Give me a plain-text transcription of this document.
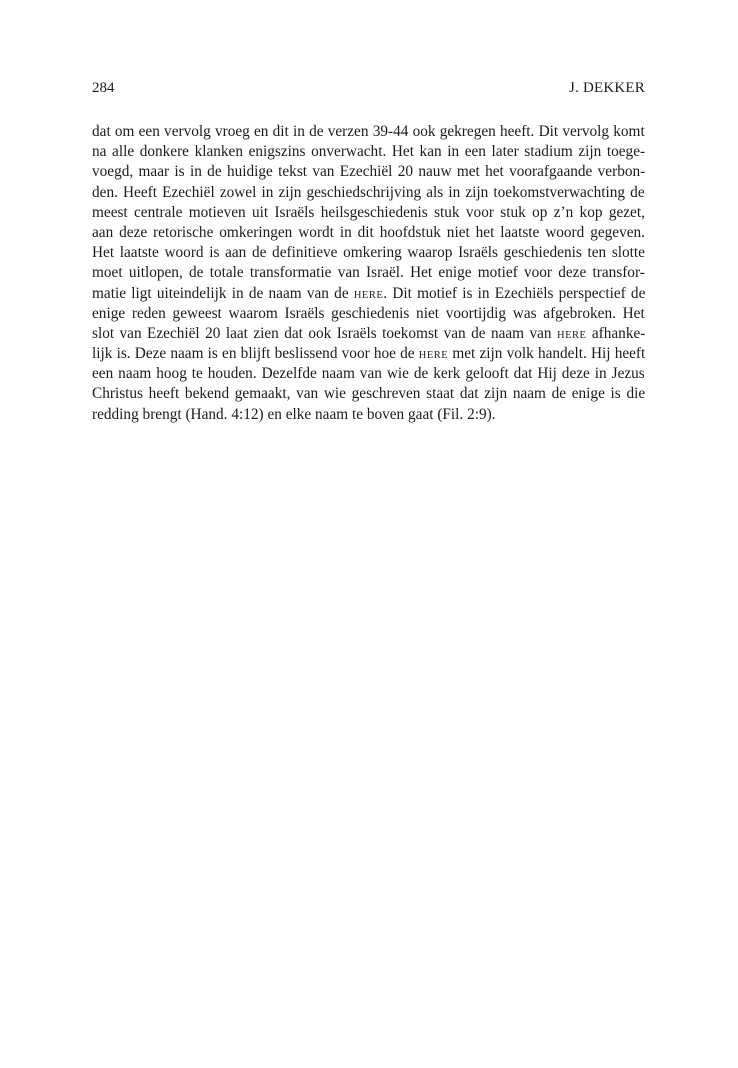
284	J. DEKKER
dat om een vervolg vroeg en dit in de verzen 39-44 ook gekregen heeft. Dit vervolg komt
na alle donkere klanken enigszins onverwacht. Het kan in een later stadium zijn toege-
voegd, maar is in de huidige tekst van Ezechiël 20 nauw met het voorafgaande verbon-
den. Heeft Ezechiël zowel in zijn geschiedschrijving als in zijn toekomstverwachting de
meest centrale motieven uit Israëls heilsgeschiedenis stuk voor stuk op z’n kop gezet,
aan deze retorische omkeringen wordt in dit hoofdstuk niet het laatste woord gegeven.
Het laatste woord is aan de definitieve omkering waarop Israëls geschiedenis ten slotte
moet uitlopen, de totale transformatie van Israël. Het enige motief voor deze transfor-
matie ligt uiteindelijk in de naam van de HERE. Dit motief is in Ezechiëls perspectief de
enige reden geweest waarom Israëls geschiedenis niet voortijdig was afgebroken. Het
slot van Ezechiël 20 laat zien dat ook Israëls toekomst van de naam van HERE afhanke-
lijk is. Deze naam is en blijft beslissend voor hoe de HERE met zijn volk handelt. Hij heeft
een naam hoog te houden. Dezelfde naam van wie de kerk gelooft dat Hij deze in Jezus
Christus heeft bekend gemaakt, van wie geschreven staat dat zijn naam de enige is die
redding brengt (Hand. 4:12) en elke naam te boven gaat (Fil. 2:9).
